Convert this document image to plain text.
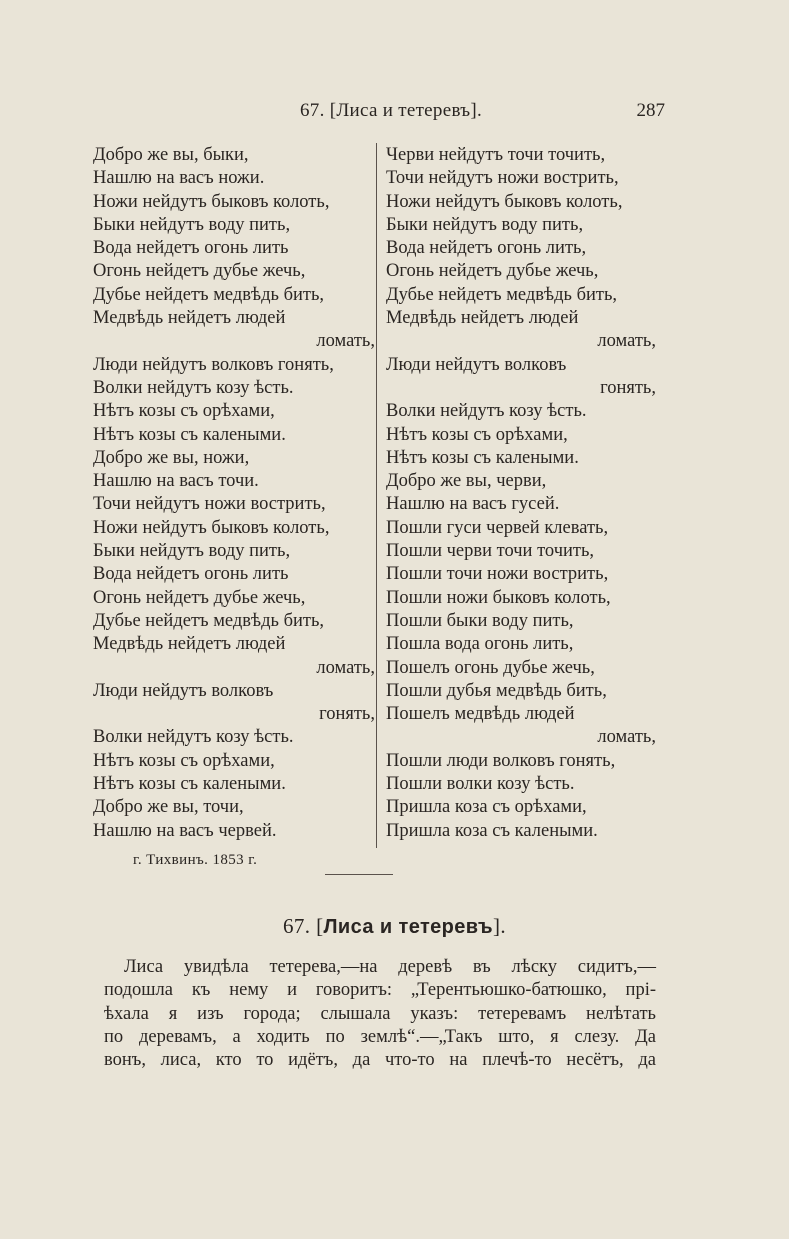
67. [Лиса и тетеревъ].	287
Добро же вы, быки,
Нашлю на васъ ножи.
Ножи нейдутъ быковъ колоть,
Быки нейдутъ воду пить,
Вода нейдетъ огонь лить
Огонь нейдетъ дубье жечь,
Дубье нейдетъ медвѣдь бить,
Медвѣдь нейдетъ людей
ломать,
Люди нейдутъ волковъ гонять,
Волки нейдутъ козу ѣсть.
Нѣтъ козы съ орѣхами,
Нѣтъ козы съ калеными.
Добро же вы, ножи,
Нашлю на васъ точи.
Точи нейдутъ ножи вострить,
Ножи нейдутъ быковъ колоть,
Быки нейдутъ воду пить,
Вода нейдетъ огонь лить
Огонь нейдетъ дубье жечь,
Дубье нейдетъ медвѣдь бить,
Медвѣдь нейдетъ людей
ломать,
Люди нейдутъ волковъ
гонять,
Волки нейдутъ козу ѣсть.
Нѣтъ козы съ орѣхами,
Нѣтъ козы съ калеными.
Добро же вы, точи,
Нашлю на васъ червей.
Черви нейдутъ точи точить,
Точи нейдутъ ножи вострить,
Ножи нейдутъ быковъ колоть,
Быки нейдутъ воду пить,
Вода нейдетъ огонь лить,
Огонь нейдетъ дубье жечь,
Дубье нейдетъ медвѣдь бить,
Медвѣдь нейдетъ людей
ломать,
Люди нейдутъ волковъ
гонять,
Волки нейдутъ козу ѣсть.
Нѣтъ козы съ орѣхами,
Нѣтъ козы съ калеными.
Добро же вы, черви,
Нашлю на васъ гусей.
Пошли гуси червей клевать,
Пошли черви точи точить,
Пошли точи ножи вострить,
Пошли ножи быковъ колоть,
Пошли быки воду пить,
Пошла вода огонь лить,
Пошелъ огонь дубье жечь,
Пошли дубья медвѣдь бить,
Пошелъ медвѣдь людей
ломать,
Пошли люди волковъ гонять,
Пошли волки козу ѣсть.
Пришла коза съ орѣхами,
Пришла коза съ калеными.
г. Тихвинъ. 1853 г.
67. [Лиса и тетеревъ].
Лиса увидѣла тетерева,—на деревѣ въ лѣску сидитъ,—
подошла къ нему и говоритъ: „Терентьюшко-батюшко, прі-
ѣхала я изъ города; слышала указъ: тетеревамъ нелѣтать
по деревамъ, а ходить по землѣ“.—„Такъ што, я слезу. Да
вонъ, лиса, кто то идётъ, да что-то на плечѣ-то несётъ, да
